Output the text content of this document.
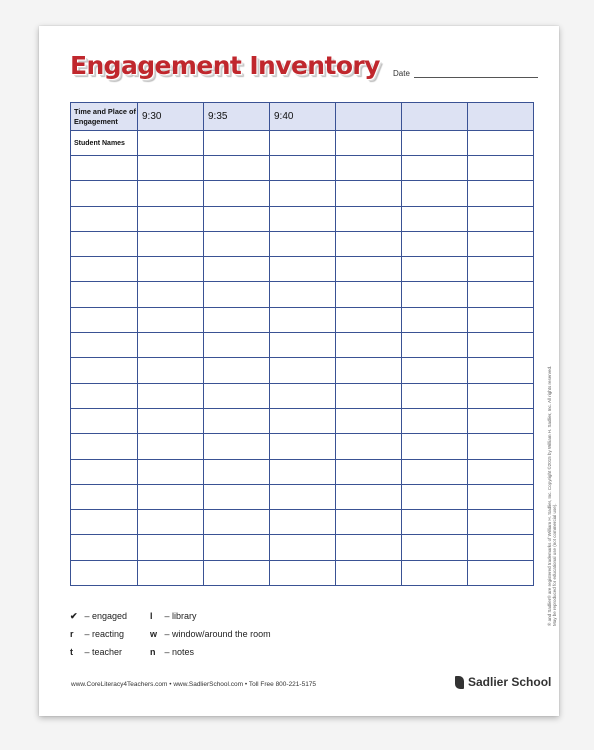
Engagement Inventory Date
Time and Place of Engagement	9:30	9:35	9:40			

Student Names						

✔ – engaged	l – library
r – reacting	w – window/around the room
t – teacher	n – notes
www.CoreLiteracy4Teachers.com • www.SadlierSchool.com • Toll Free 800-221-5175	Sadlier School
® and Sadlier® are registered trademarks of William H. Sadlier, Inc. Copyright ©2015 by William H. Sadlier, Inc. All rights reserved. May be reproduced for educational use (not commercial use).
